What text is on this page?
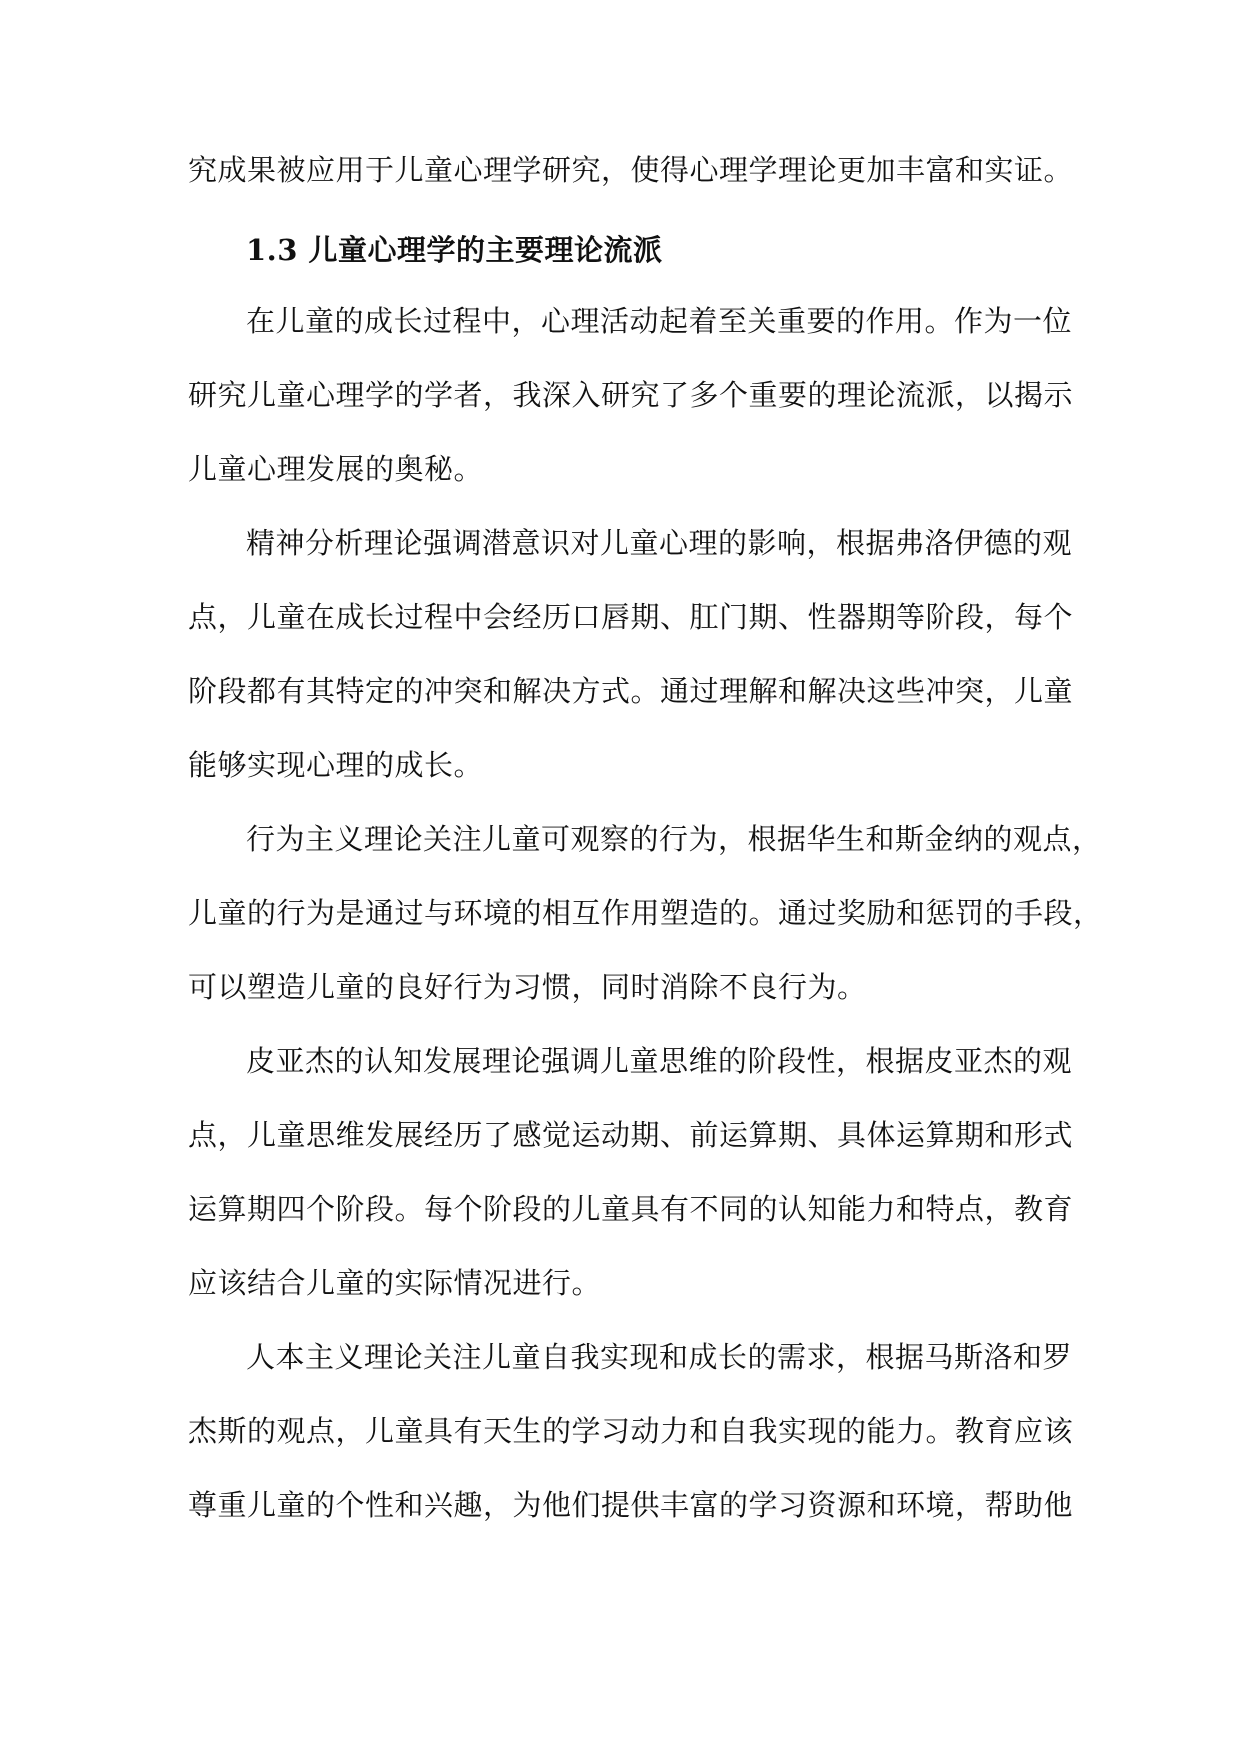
究成果被应用于儿童心理学研究，使得心理学理论更加丰富和实证。
1.3 儿童心理学的主要理论流派
在儿童的成长过程中，心理活动起着至关重要的作用。作为一位
研究儿童心理学的学者，我深入研究了多个重要的理论流派，以揭示
儿童心理发展的奥秘。
精神分析理论强调潜意识对儿童心理的影响，根据弗洛伊德的观
点，儿童在成长过程中会经历口唇期、肛门期、性器期等阶段，每个
阶段都有其特定的冲突和解决方式。通过理解和解决这些冲突，儿童
能够实现心理的成长。
行为主义理论关注儿童可观察的行为，根据华生和斯金纳的观点，
儿童的行为是通过与环境的相互作用塑造的。通过奖励和惩罚的手段，
可以塑造儿童的良好行为习惯，同时消除不良行为。
皮亚杰的认知发展理论强调儿童思维的阶段性，根据皮亚杰的观
点，儿童思维发展经历了感觉运动期、前运算期、具体运算期和形式
运算期四个阶段。每个阶段的儿童具有不同的认知能力和特点，教育
应该结合儿童的实际情况进行。
人本主义理论关注儿童自我实现和成长的需求，根据马斯洛和罗
杰斯的观点，儿童具有天生的学习动力和自我实现的能力。教育应该
尊重儿童的个性和兴趣，为他们提供丰富的学习资源和环境，帮助他
